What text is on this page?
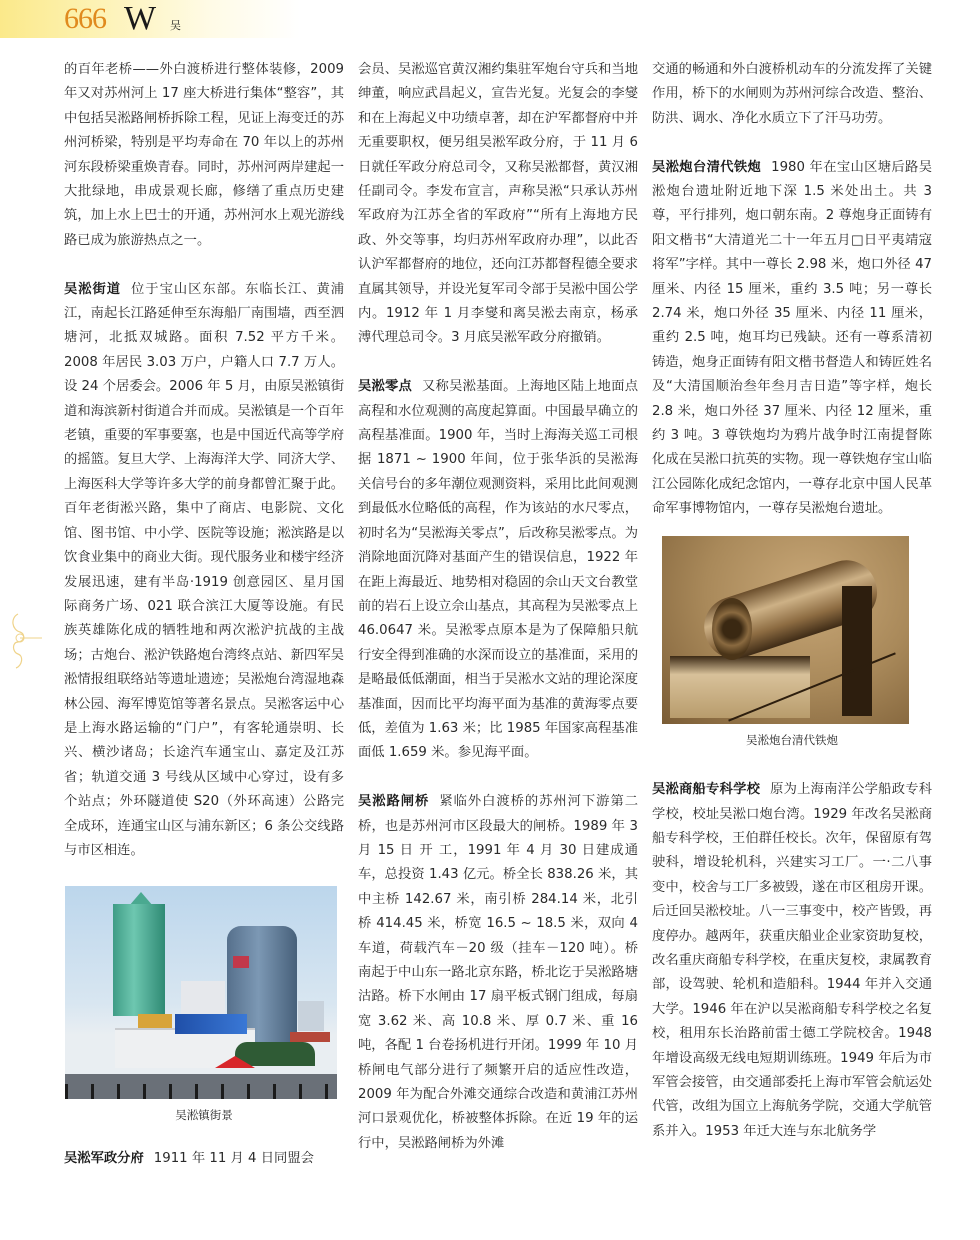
666 W 吴

的百年老桥——外白渡桥进行整体装修，2009 年又对苏州河上 17 座大桥进行集体“整容”，其中包括吴淞路闸桥拆除工程，见证上海变迁的苏州河桥梁，特别是平均寿命在 70 年以上的苏州河东段桥梁重焕青春。同时，苏州河两岸建起一大批绿地，串成景观长廊，修缮了重点历史建筑，加上水上巴士的开通，苏州河水上观光游线路已成为旅游热点之一。

吴淞街道 位于宝山区东部。东临长江、黄浦江，南起长江路延伸至东海船厂南围墙，西至泗塘河，北抵双城路。面积 7.52 平方千米。2008 年居民 3.03 万户，户籍人口 7.7 万人。设 24 个居委会。2006 年 5 月，由原吴淞镇街道和海滨新村街道合并而成。吴淞镇是一个百年老镇，重要的军事要塞，也是中国近代高等学府的摇篮。复旦大学、上海海洋大学、同济大学、上海医科大学等许多大学的前身都曾汇聚于此。百年老街淞兴路，集中了商店、电影院、文化馆、图书馆、中小学、医院等设施；淞滨路是以饮食业集中的商业大街。现代服务业和楼宇经济发展迅速，建有半岛·1919 创意园区、星月国际商务广场、021 联合滨江大厦等设施。有民族英雄陈化成的牺牲地和两次淞沪抗战的主战场；古炮台、淞沪铁路炮台湾终点站、新四军吴淞情报组联络站等遗址遗迹；吴淞炮台湾湿地森林公园、海军博览馆等著名景点。吴淞客运中心是上海水路运输的“门户”，有客轮通崇明、长兴、横沙诸岛；长途汽车通宝山、嘉定及江苏省；轨道交通 3 号线从区域中心穿过，设有多个站点；外环隧道使 S20（外环高速）公路完全成环，连通宝山区与浦东新区；6 条公交线路与市区相连。

吴淞镇街景

吴淞军政分府 1911 年 11 月 4 日同盟会

会员、吴淞巡官黄汉湘约集驻军炮台守兵和当地绅董，响应武昌起义，宣告光复。光复会的李燮和在上海起义中功绩卓著，却在沪军都督府中并无重要职权，便另组吴淞军政分府，于 11 月 6 日就任军政分府总司令，又称吴淞都督，黄汉湘任副司令。李发布宣言，声称吴淞“只承认苏州军政府为江苏全省的军政府”“所有上海地方民政、外交等事，均归苏州军政府办理”，以此否认沪军都督府的地位，还向江苏都督程德全要求直属其领导，并设光复军司令部于吴淞中国公学内。1912 年 1 月李燮和离吴淞去南京，杨承溥代理总司令。3 月底吴淞军政分府撤销。

吴淞零点 又称吴淞基面。上海地区陆上地面点高程和水位观测的高度起算面。中国最早确立的高程基准面。1900 年，当时上海海关巡工司根据 1871 ~ 1900 年间，位于张华浜的吴淞海关信号台的多年潮位观测资料，采用比此间观测到最低水位略低的高程，作为该站的水尺零点，初时名为“吴淞海关零点”，后改称吴淞零点。为消除地面沉降对基面产生的错误信息，1922 年在距上海最近、地势相对稳固的佘山天文台教堂前的岩石上设立佘山基点，其高程为吴淞零点上 46.0647 米。吴淞零点原本是为了保障船只航行安全得到准确的水深而设立的基准面，采用的是略最低低潮面，相当于吴淞水文站的理论深度基准面，因而比平均海平面为基准的黄海零点要低，差值为 1.63 米；比 1985 年国家高程基准面低 1.659 米。参见海平面。

吴淞路闸桥 紧临外白渡桥的苏州河下游第二桥，也是苏州河市区段最大的闸桥。1989 年 3 月 15 日 开 工，1991 年 4 月 30 日建成通车，总投资 1.43 亿元。桥全长 838.26 米，其中主桥 142.67 米，南引桥 284.14 米，北引桥 414.45 米，桥宽 16.5 ~ 18.5 米，双向 4 车道，荷载汽车－20 级（挂车－120 吨）。桥南起于中山东一路北京东路，桥北讫于吴淞路塘沽路。桥下水闸由 17 扇平板式钢门组成，每扇宽 3.62 米、高 10.8 米、厚 0.7 米、重 16 吨，各配 1 台卷扬机进行开闭。1999 年 10 月桥闸电气部分进行了频繁开启的适应性改造，2009 年为配合外滩交通综合改造和黄浦江苏州河口景观优化，桥被整体拆除。在近 19 年的运行中，吴淞路闸桥为外滩

交通的畅通和外白渡桥机动车的分流发挥了关键作用，桥下的水闸则为苏州河综合改造、整治、防洪、调水、净化水质立下了汗马功劳。

吴淞炮台清代铁炮 1980 年在宝山区塘后路吴淞炮台遗址附近地下深 1.5 米处出土。共 3 尊，平行排列，炮口朝东南。2 尊炮身正面铸有阳文楷书“大清道光二十一年五月□日平夷靖寇将军”字样。其中一尊长 2.98 米，炮口外径 47 厘米、内径 15 厘米，重约 3.5 吨；另一尊长 2.74 米，炮口外径 35 厘米、内径 11 厘米，重约 2.5 吨，炮耳均已残缺。还有一尊系清初铸造，炮身正面铸有阳文楷书督造人和铸匠姓名及“大清国顺治叁年叁月吉日造”等字样，炮长 2.8 米，炮口外径 37 厘米、内径 12 厘米，重约 3 吨。3 尊铁炮均为鸦片战争时江南提督陈化成在吴淞口抗英的实物。现一尊铁炮存宝山临江公园陈化成纪念馆内，一尊存北京中国人民革命军事博物馆内，一尊存吴淞炮台遗址。

吴淞炮台清代铁炮

吴淞商船专科学校 原为上海南洋公学船政专科学校，校址吴淞口炮台湾。1929 年改名吴淞商船专科学校，王伯群任校长。次年，保留原有驾驶科，增设轮机科，兴建实习工厂。一·二八事变中，校舍与工厂多被毁，遂在市区租房开课。后迁回吴淞校址。八一三事变中，校产皆毁，再度停办。越两年，获重庆船业企业家资助复校，改名重庆商船专科学校，在重庆复校，隶属教育部，设驾驶、轮机和造船科。1944 年并入交通大学。1946 年在沪以吴淞商船专科学校之名复校，租用东长治路前雷士德工学院校舍。1948 年增设高级无线电短期训练班。1949 年后为市军管会接管，由交通部委托上海市军管会航运处代管，改组为国立上海航务学院，交通大学航管系并入。1953 年迁大连与东北航务学
